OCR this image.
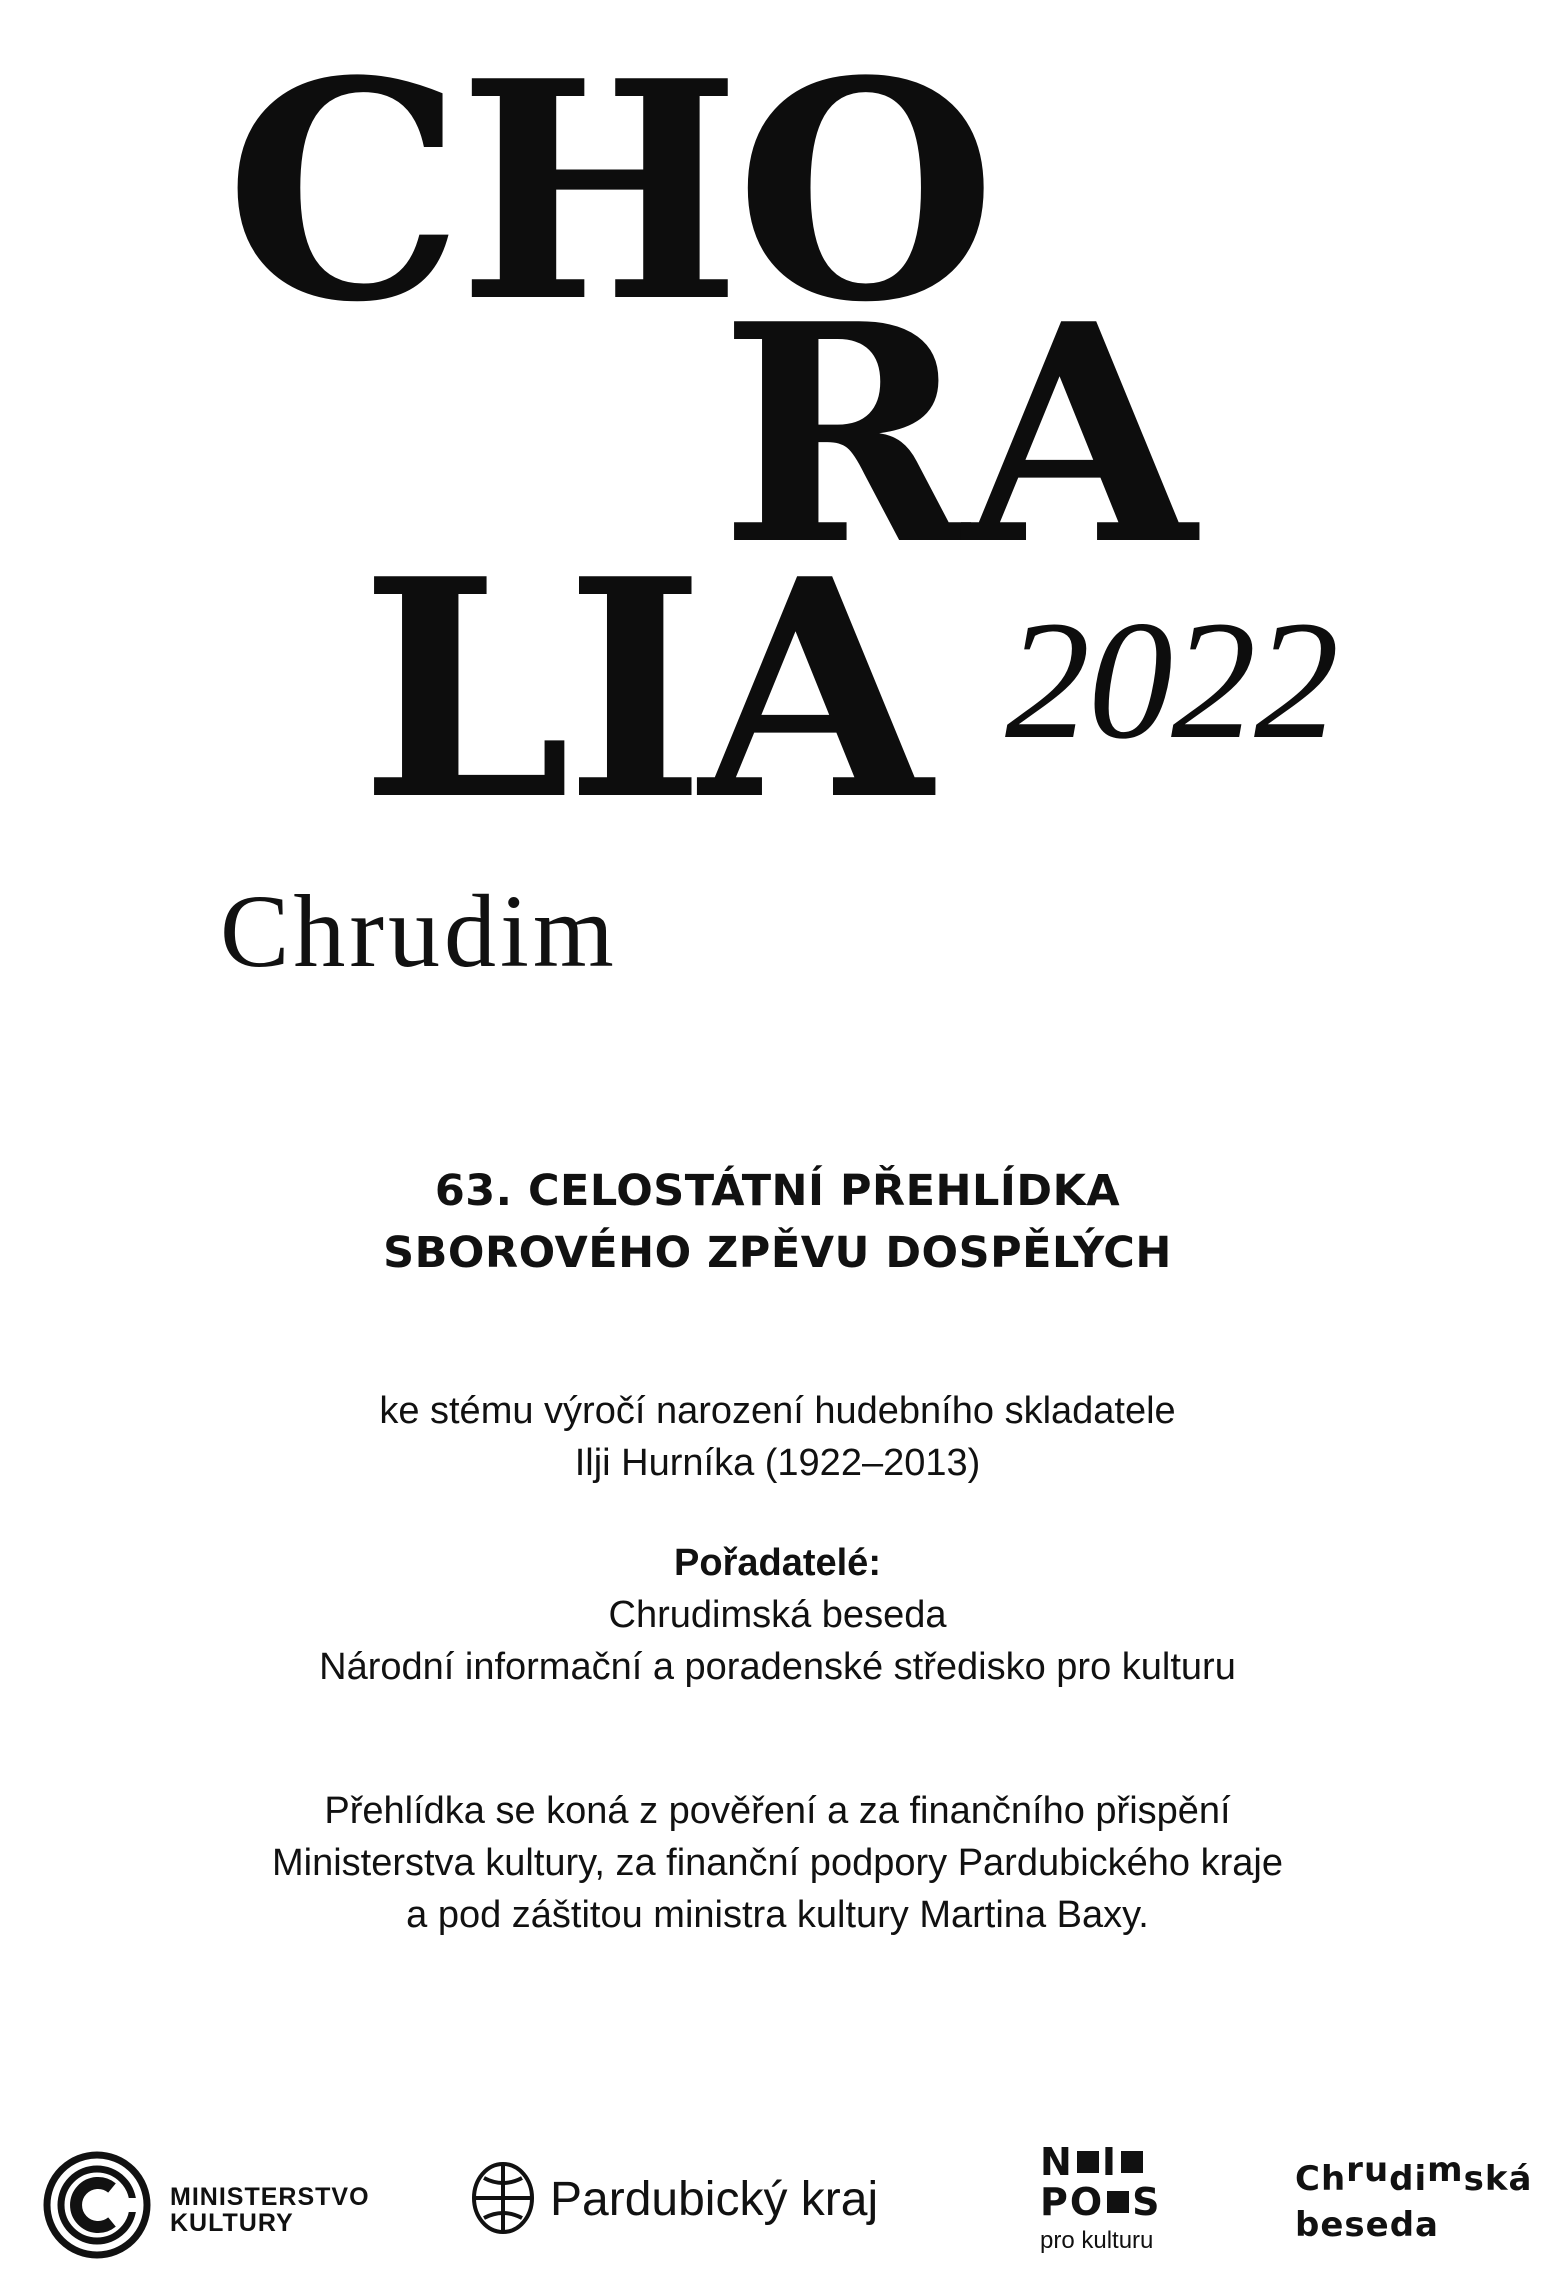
CHO
RA
LIA 2022
Chrudim
63. CELOSTÁTNÍ PŘEHLÍDKA
SBOROVÉHO ZPĚVU DOSPĚLÝCH
ke stému výročí narození hudebního skladatele
Ilji Hurníka (1922–2013)
Pořadatelé:
Chrudimská beseda
Národní informační a poradenské středisko pro kulturu
Přehlídka se koná z pověření a za finančního přispění
Ministerstva kultury, za finanční podpory Pardubického kraje
a pod záštitou ministra kultury Martina Baxy.
MINISTERSTVO
KULTURY	Pardubický kraj
N I
PO S
pro kulturu
Chrudimská
beseda
